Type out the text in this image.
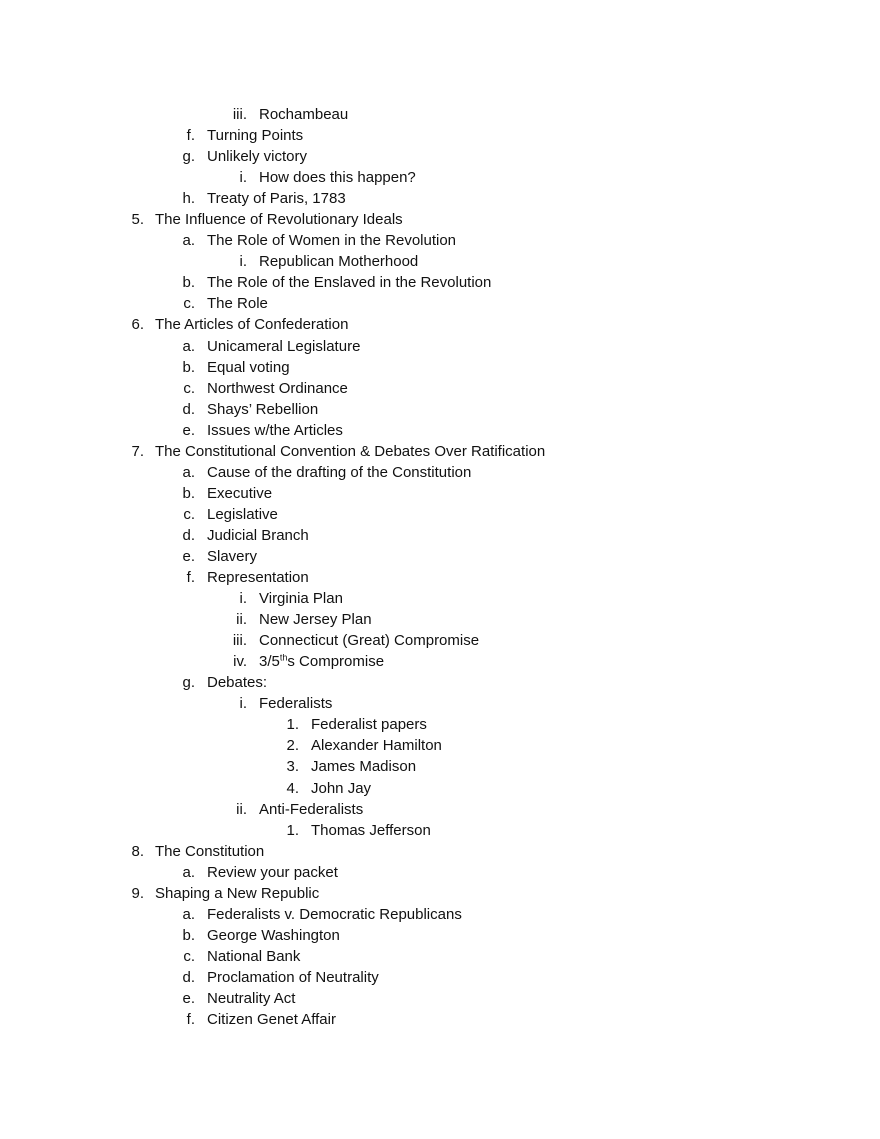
iii. Rochambeau
f. Turning Points
g. Unlikely victory
i. How does this happen?
h. Treaty of Paris, 1783
5. The Influence of Revolutionary Ideals
a. The Role of Women in the Revolution
i. Republican Motherhood
b. The Role of the Enslaved in the Revolution
c. The Role
6. The Articles of Confederation
a. Unicameral Legislature
b. Equal voting
c. Northwest Ordinance
d. Shays’ Rebellion
e. Issues w/the Articles
7. The Constitutional Convention & Debates Over Ratification
a. Cause of the drafting of the Constitution
b. Executive
c. Legislative
d. Judicial Branch
e. Slavery
f. Representation
i. Virginia Plan
ii. New Jersey Plan
iii. Connecticut (Great) Compromise
iv. 3/5ths Compromise
g. Debates:
i. Federalists
1. Federalist papers
2. Alexander Hamilton
3. James Madison
4. John Jay
ii. Anti-Federalists
1. Thomas Jefferson
8. The Constitution
a. Review your packet
9. Shaping a New Republic
a. Federalists v. Democratic Republicans
b. George Washington
c. National Bank
d. Proclamation of Neutrality
e. Neutrality Act
f. Citizen Genet Affair
